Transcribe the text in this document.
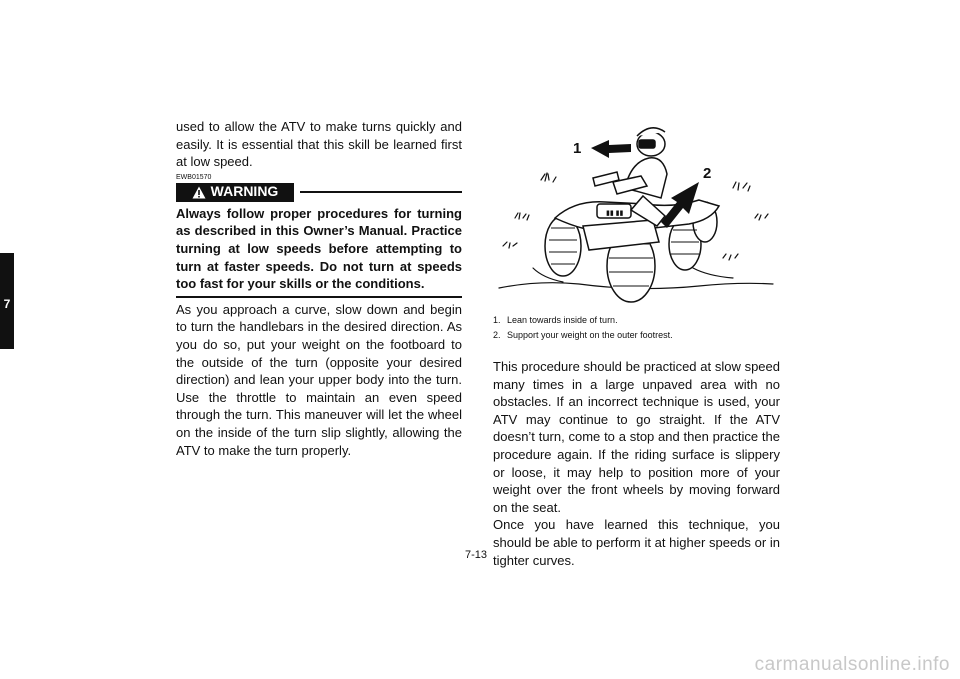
7

used to allow the ATV to make turns quickly and easily. It is essential that this skill be learned first at low speed.

EWB01570
WARNING

Always follow proper procedures for turning as described in this Owner’s Manual. Practice turning at low speeds before attempting to turn at faster speeds. Do not turn at speeds too fast for your skills or the conditions.

As you approach a curve, slow down and begin to turn the handlebars in the desired direction. As you do so, put your weight on the footboard to the outside of the turn (opposite your desired direction) and lean your upper body into the turn. Use the throttle to maintain an even speed through the turn. This maneuver will let the wheel on the inside of the turn slip slightly, allowing the ATV to make the turn properly.

▮▮ ▮▮
1
2
1. Lean towards inside of turn.
2. Support your weight on the outer footrest.

This procedure should be practiced at slow speed many times in a large unpaved area with no obstacles. If an incorrect technique is used, your ATV may continue to go straight. If the ATV doesn’t turn, come to a stop and then practice the procedure again. If the riding surface is slippery or loose, it may help to position more of your weight over the front wheels by moving forward on the seat.

Once you have learned this technique, you should be able to perform it at higher speeds or in tighter curves.

7-13
carmanualsonline.info
